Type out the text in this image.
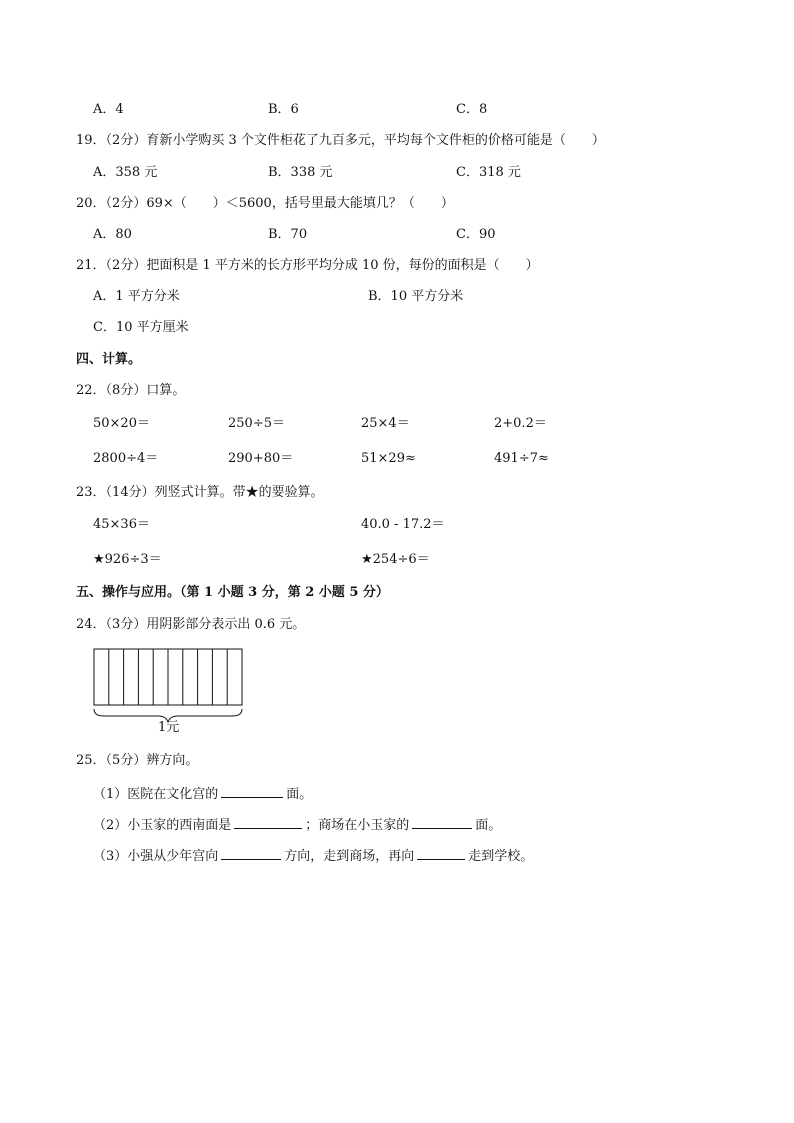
A．4	B．6	C．8
19．（2分）育新小学购买 3 个文件柜花了九百多元，平均每个文件柜的价格可能是（　　）
A．358 元	B．338 元	C．318 元
20．（2分）69×（　　）＜5600，括号里最大能填几？（　　）
A．80	B．70	C．90
21．（2分）把面积是 1 平方米的长方形平均分成 10 份，每份的面积是（　　）
A．1 平方分米	B．10 平方分米
C．10 平方厘米
四、计算。
22．（8分）口算。
50×20＝	250÷5＝	25×4＝	2+0.2＝
2800÷4＝	290+80＝	51×29≈	491÷7≈
23．（14分）列竖式计算。带★的要验算。
45×36＝	40.0 - 17.2＝
★926÷3＝	★254÷6＝
五、操作与应用。（第 1 小题 3 分，第 2 小题 5 分）
24．（3分）用阴影部分表示出 0.6 元。
1元
25．（5分）辨方向。
（1）医院在文化宫的	面。
（2）小玉家的西南面是	；商场在小玉家的	面。
（3）小强从少年宫向	方向，走到商场，再向	走到学校。
